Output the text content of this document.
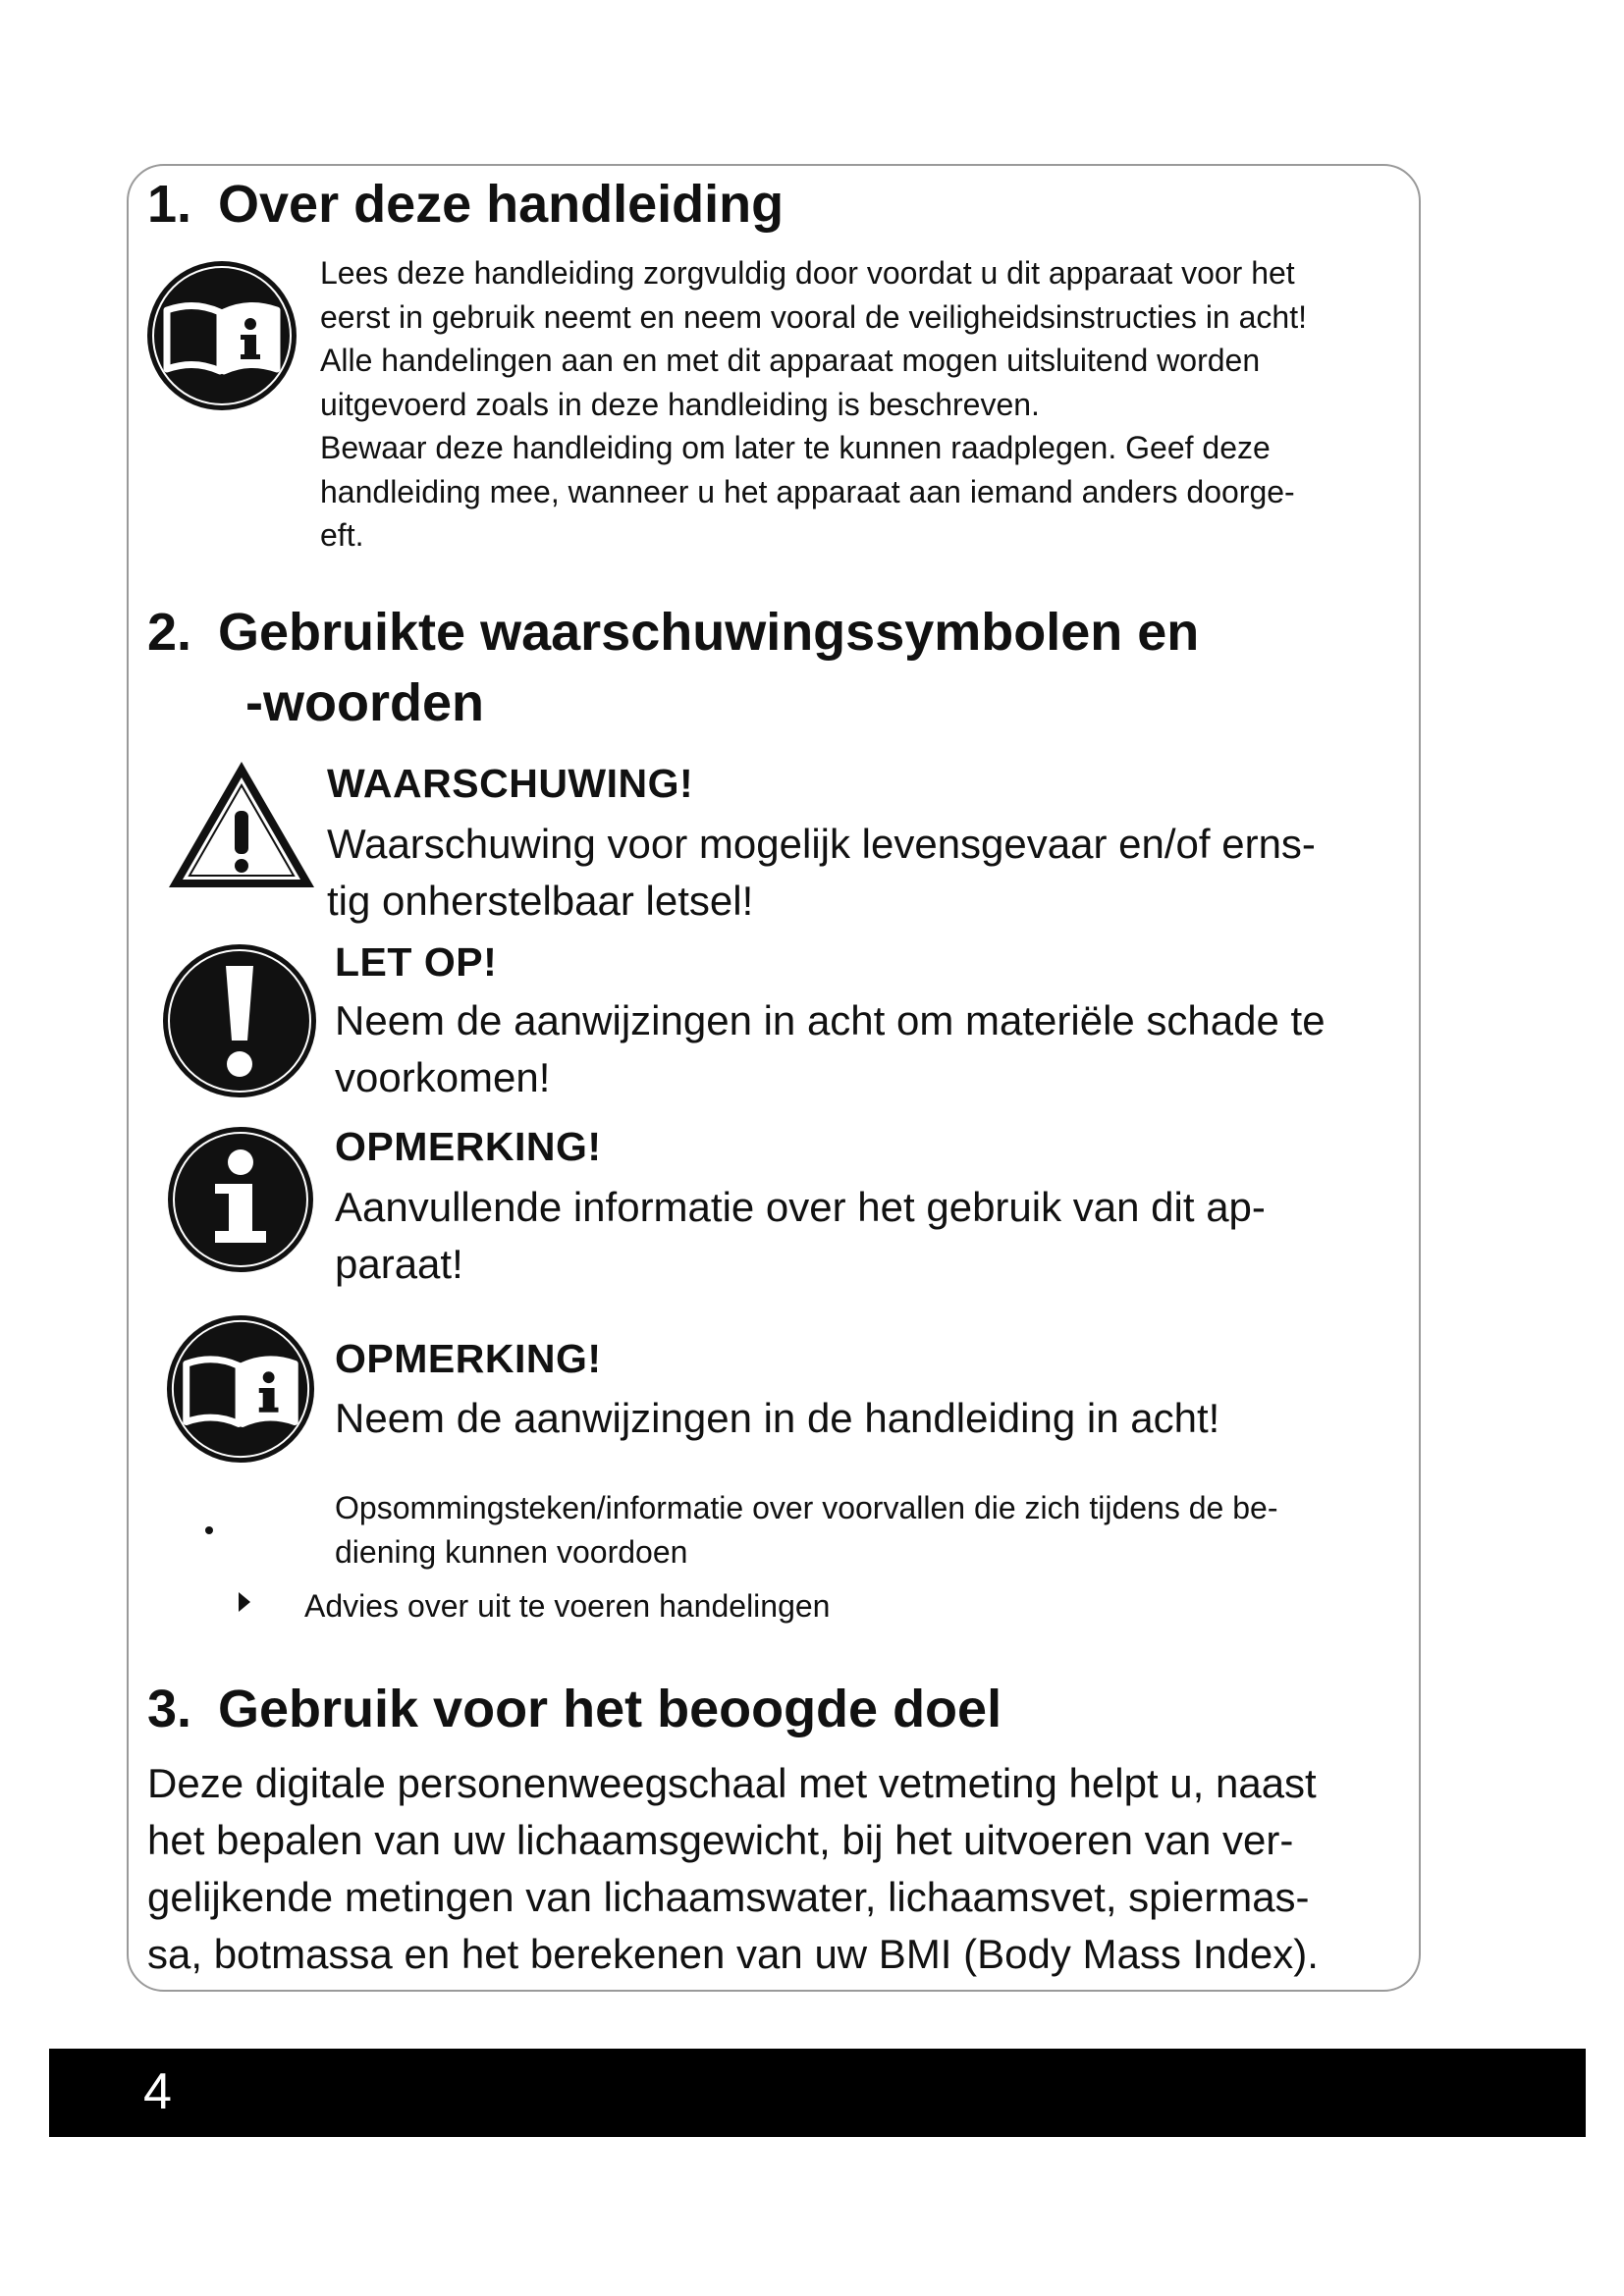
1. Over deze handleiding
Lees deze handleiding zorgvuldig door voordat u dit apparaat voor het
eerst in gebruik neemt en neem vooral de veiligheidsinstructies in acht!
Alle handelingen aan en met dit apparaat mogen uitsluitend worden
uitgevoerd zoals in deze handleiding is beschreven.
Bewaar deze handleiding om later te kunnen raadplegen. Geef deze
handleiding mee, wanneer u het apparaat aan iemand anders doorge-
eft.
2. Gebruikte waarschuwingssymbolen en
-woorden
WAARSCHUWING!
Waarschuwing voor mogelijk levensgevaar en/of erns-
tig onherstelbaar letsel!
LET OP!
Neem de aanwijzingen in acht om materiële schade te
voorkomen!
OPMERKING!
Aanvullende informatie over het gebruik van dit ap-
paraat!
OPMERKING!
Neem de aanwijzingen in de handleiding in acht!
Opsommingsteken/informatie over voorvallen die zich tijdens de be-
diening kunnen voordoen
Advies over uit te voeren handelingen
3. Gebruik voor het beoogde doel
Deze digitale personenweegschaal met vetmeting helpt u, naast
het bepalen van uw lichaamsgewicht, bij het uitvoeren van ver-
gelijkende metingen van lichaamswater, lichaamsvet, spiermas-
sa, botmassa en het berekenen van uw BMI (Body Mass Index).
4
